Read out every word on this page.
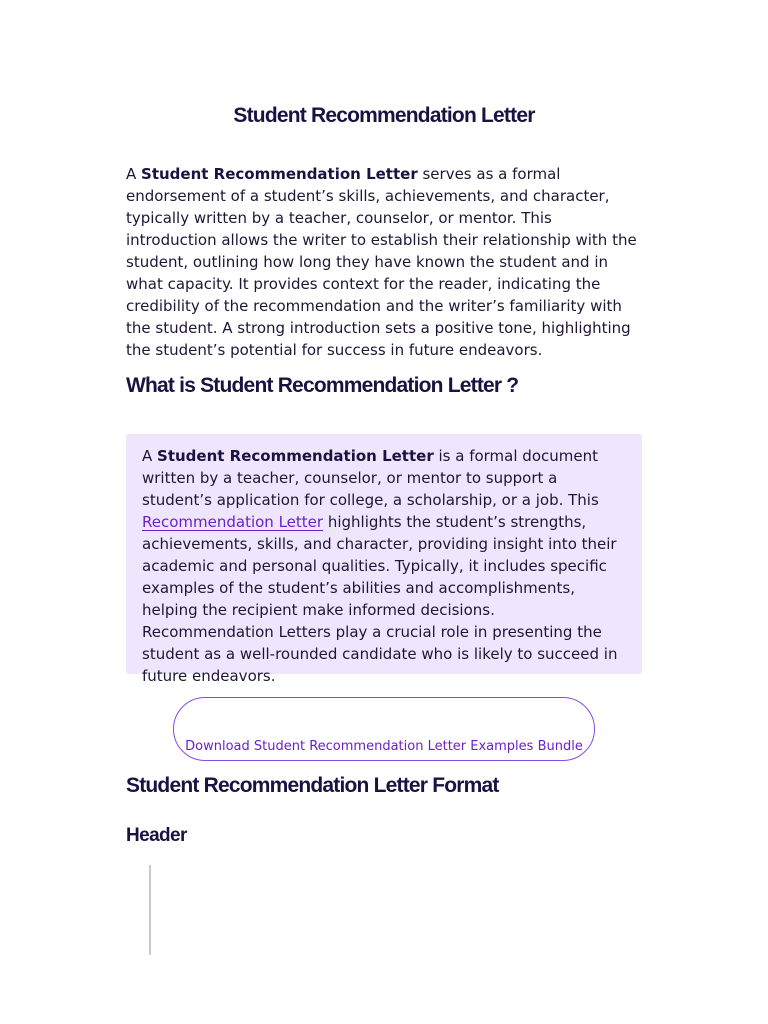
Student Recommendation Letter

A Student Recommendation Letter serves as a formal endorsement of a student’s skills, achievements, and character, typically written by a teacher, counselor, or mentor. This introduction allows the writer to establish their relationship with the student, outlining how long they have known the student and in what capacity. It provides context for the reader, indicating the credibility of the recommendation and the writer’s familiarity with the student. A strong introduction sets a positive tone, highlighting the student’s potential for success in future endeavors.

What is Student Recommendation Letter ?
A Student Recommendation Letter is a formal document written by a teacher, counselor, or mentor to support a student’s application for college, a scholarship, or a job. This Recommendation Letter highlights the student’s strengths, achievements, skills, and character, providing insight into their academic and personal qualities. Typically, it includes specific examples of the student’s abilities and accomplishments, helping the recipient make informed decisions. Recommendation Letters play a crucial role in presenting the student as a well-rounded candidate who is likely to succeed in future endeavors.
Download Student Recommendation Letter Examples Bundle
Student Recommendation Letter Format
Header
